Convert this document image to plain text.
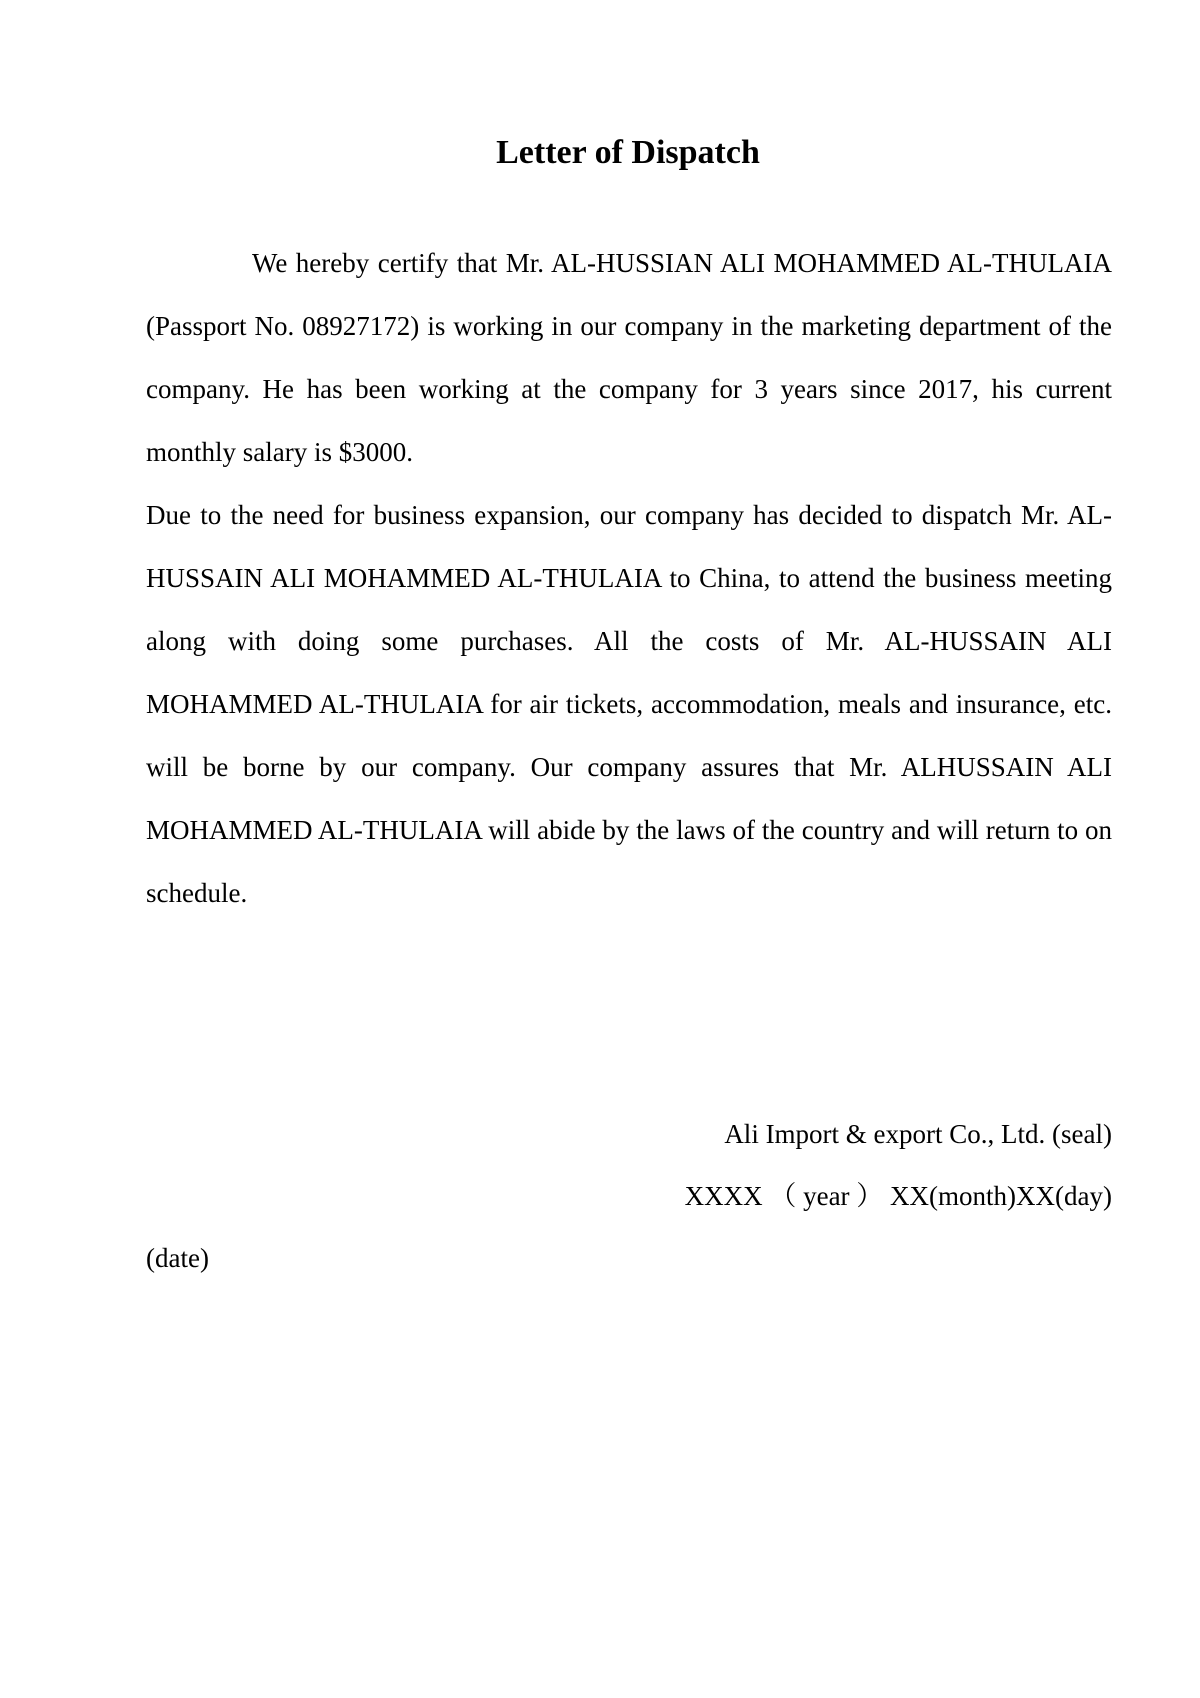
Letter of Dispatch

We hereby certify that Mr. AL-HUSSIAN ALI MOHAMMED AL-THULAIA (Passport No. 08927172) is working in our company in the marketing department of the company. He has been working at the company for 3 years since 2017, his current monthly salary is $3000.

Due to the need for business expansion, our company has decided to dispatch Mr. AL-HUSSAIN ALI MOHAMMED AL-THULAIA to China, to attend the business meeting along with doing some purchases. All the costs of Mr. AL-HUSSAIN ALI MOHAMMED AL-THULAIA for air tickets, accommodation, meals and insurance, etc. will be borne by our company. Our company assures that Mr. ALHUSSAIN ALI MOHAMMED AL-THULAIA will abide by the laws of the country and will return to on schedule.

Ali Import & export Co., Ltd. (seal)
XXXX （ year ） XX(month)XX(day)
(date)
